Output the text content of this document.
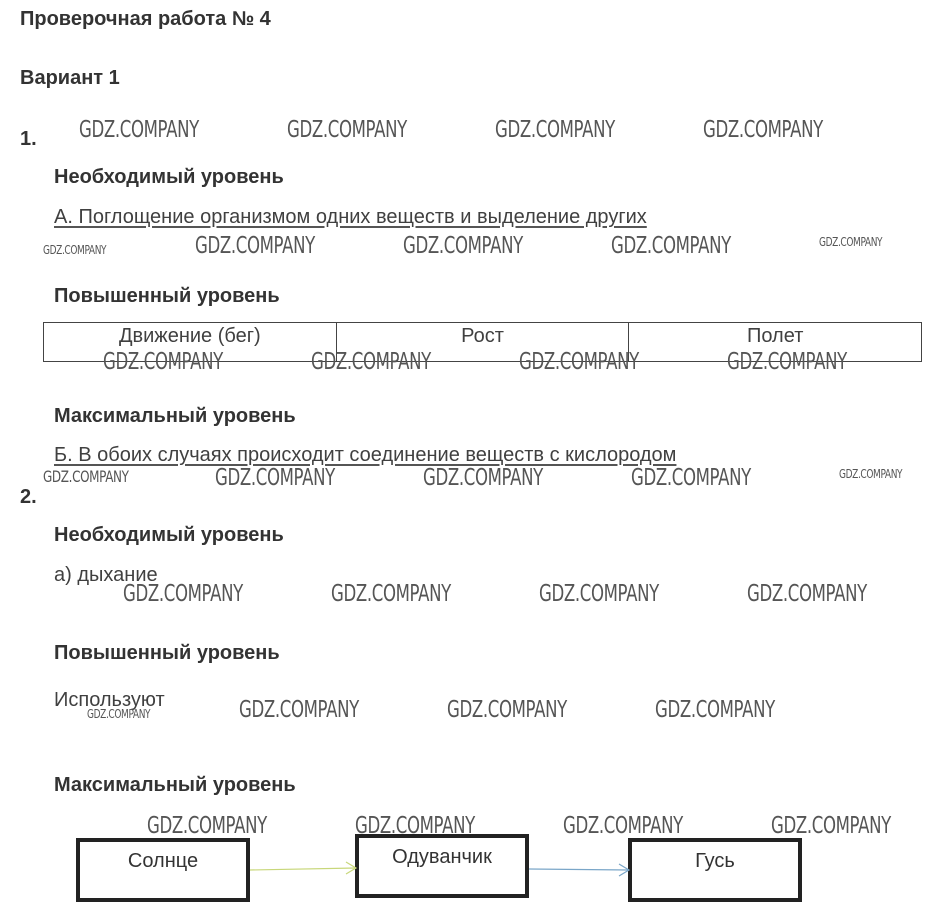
Проверочная работа № 4
Вариант 1
1.
Необходимый уровень
А. Поглощение организмом одних веществ и выделение других
Повышенный уровень
Движение (бег)	Рост	Полет
Максимальный уровень
Б. В обоих случаях происходит соединение веществ с кислородом
2.
Необходимый уровень
а) дыхание
Повышенный уровень
Используют
Максимальный уровень
Солнце	Одуванчик	Гусь
GDZ.COMPANY	GDZ.COMPANY	GDZ.COMPANY	GDZ.COMPANY
GDZ.COMPANY	GDZ.COMPANY	GDZ.COMPANY	GDZ.COMPANY	GDZ.COMPANY
GDZ.COMPANY	GDZ.COMPANY	GDZ.COMPANY	GDZ.COMPANY
GDZ.COMPANY	GDZ.COMPANY	GDZ.COMPANY	GDZ.COMPANY	GDZ.COMPANY
GDZ.COMPANY	GDZ.COMPANY	GDZ.COMPANY	GDZ.COMPANY
GDZ.COMPANY	GDZ.COMPANY	GDZ.COMPANY	GDZ.COMPANY
GDZ.COMPANY	GDZ.COMPANY	GDZ.COMPANY	GDZ.COMPANY
